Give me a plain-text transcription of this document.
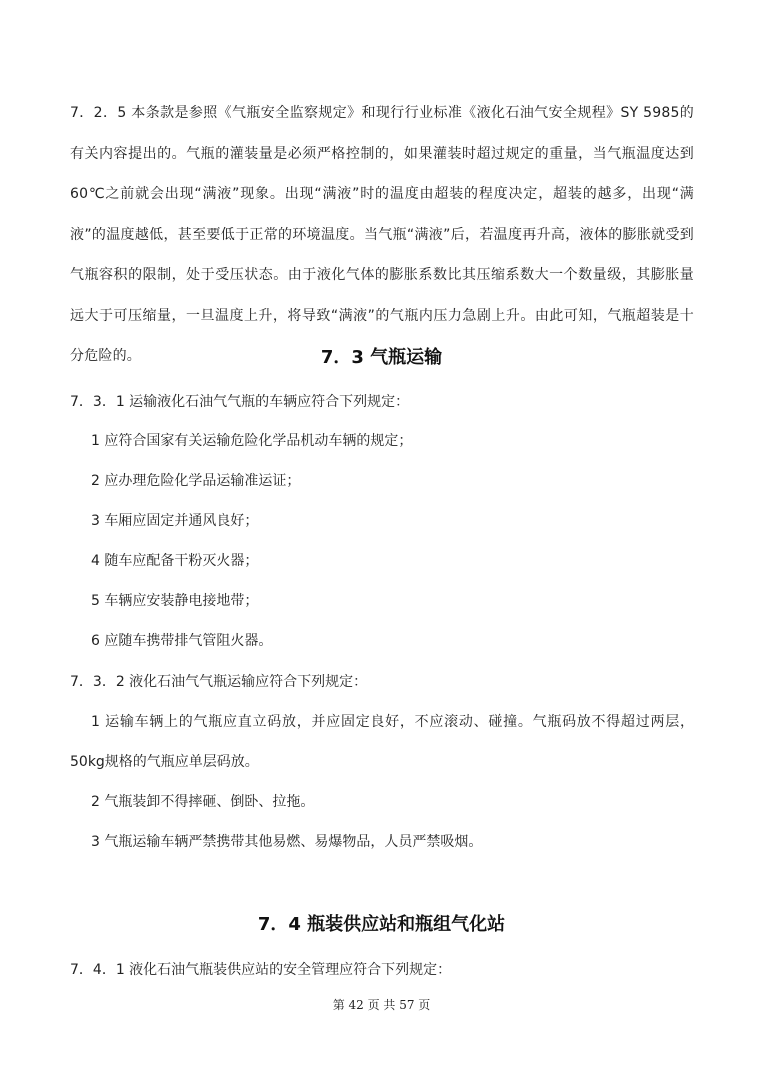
7．2．5 本条款是参照《气瓶安全监察规定》和现行行业标准《液化石油气安全规程》SY 5985的有关内容提出的。气瓶的灌装量是必须严格控制的，如果灌装时超过规定的重量，当气瓶温度达到60℃之前就会出现“满液”现象。出现“满液”时的温度由超装的程度决定，超装的越多，出现“满液”的温度越低，甚至要低于正常的环境温度。当气瓶“满液”后，若温度再升高，液体的膨胀就受到气瓶容积的限制，处于受压状态。由于液化气体的膨胀系数比其压缩系数大一个数量级，其膨胀量远大于可压缩量，一旦温度上升，将导致“满液”的气瓶内压力急剧上升。由此可知，气瓶超装是十分危险的。	7．3 气瓶运输

7．3．1 运输液化石油气气瓶的车辆应符合下列规定：

1 应符合国家有关运输危险化学品机动车辆的规定；

2 应办理危险化学品运输准运证；

3 车厢应固定并通风良好；

4 随车应配备干粉灭火器；

5 车辆应安装静电接地带；

6 应随车携带排气管阻火器。

7．3．2 液化石油气气瓶运输应符合下列规定：

1 运输车辆上的气瓶应直立码放，并应固定良好，不应滚动、碰撞。气瓶码放不得超过两层，50kg规格的气瓶应单层码放。

2 气瓶装卸不得摔砸、倒卧、拉拖。

3 气瓶运输车辆严禁携带其他易燃、易爆物品，人员严禁吸烟。

7．4 瓶装供应站和瓶组气化站

7．4．1 液化石油气瓶装供应站的安全管理应符合下列规定：

第 42 页 共 57 页
